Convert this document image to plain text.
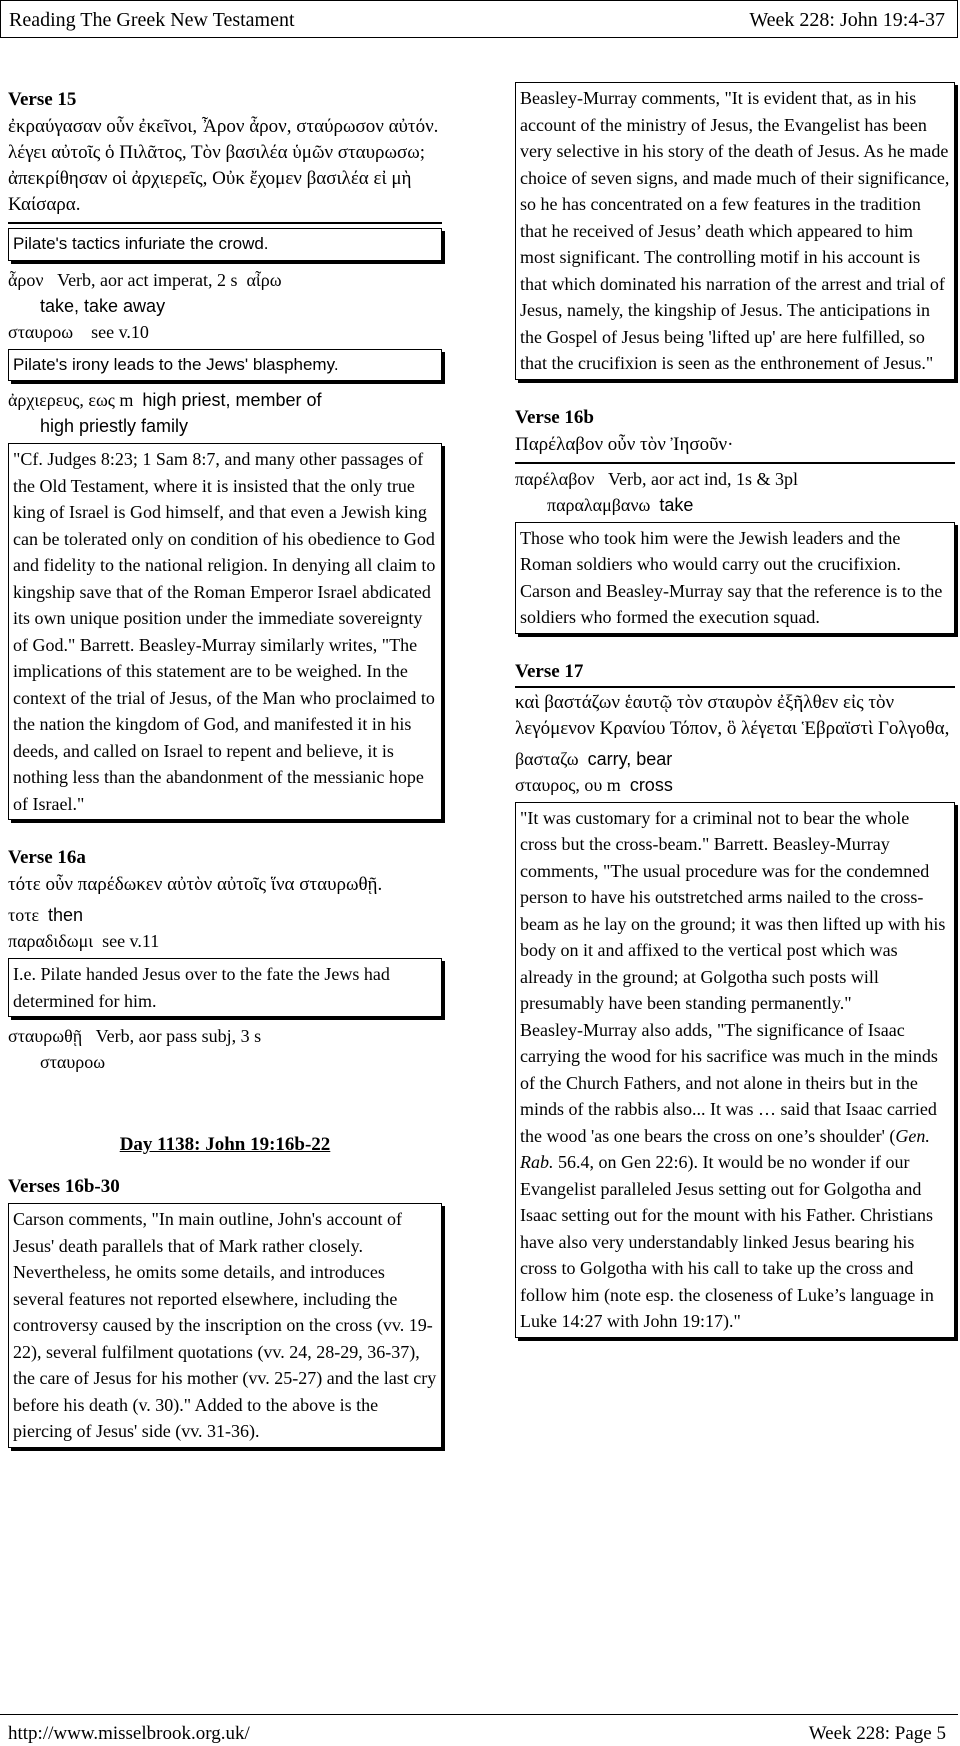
Reading The Greek New Testament	Week 228: John 19:4-37

Verse 15

ἐκραύγασαν οὖν ἐκεῖνοι, Ἆρον ἆρον, σταύρωσον αὐτόν. λέγει αὐτοῖς ὁ Πιλᾶτος, Τὸν βασιλέα ὑμῶν σταυρωσω; ἀπεκρίθησαν οἱ ἀρχιερεῖς, Οὐκ ἔχομεν βασιλέα εἰ μὴ Καίσαρα.

Pilate's tactics infuriate the crowd.
ἆρον Verb, aor act imperat, 2 s αἶρω
take, take away
σταυροω see v.10
Pilate's irony leads to the Jews' blasphemy.
ἀρχιερευς, εως m high priest, member of
high priestly family
"Cf. Judges 8:23; 1 Sam 8:7, and many other passages of the Old Testament, where it is insisted that the only true king of Israel is God himself, and that even a Jewish king can be tolerated only on condition of his obedience to God and fidelity to the national religion. In denying all claim to kingship save that of the Roman Emperor Israel abdicated its own unique position under the immediate sovereignty of God." Barrett. Beasley-Murray similarly writes, "The implications of this statement are to be weighed. In the context of the trial of Jesus, of the Man who proclaimed to the nation the kingdom of God, and manifested it in his deeds, and called on Israel to repent and believe, it is nothing less than the abandonment of the messianic hope of Israel."

Verse 16a

τότε οὖν παρέδωκεν αὐτὸν αὐτοῖς ἵνα σταυρωθῇ.

τοτε then
παραδιδωμι see v.11
I.e. Pilate handed Jesus over to the fate the Jews had determined for him.
σταυρωθῇ Verb, aor pass subj, 3 s
σταυροω

Day 1138: John 19:16b-22

Verses 16b-30

Carson comments, "In main outline, John's account of Jesus' death parallels that of Mark rather closely. Nevertheless, he omits some details, and introduces several features not reported elsewhere, including the controversy caused by the inscription on the cross (vv. 19-22), several fulfilment quotations (vv. 24, 28-29, 36-37), the care of Jesus for his mother (vv. 25-27) and the last cry before his death (v. 30)." Added to the above is the piercing of Jesus' side (vv. 31-36).
Beasley-Murray comments, "It is evident that, as in his account of the ministry of Jesus, the Evangelist has been very selective in his story of the death of Jesus. As he made choice of seven signs, and made much of their significance, so he has concentrated on a few features in the tradition that he received of Jesus’ death which appeared to him most significant. The controlling motif in his account is that which dominated his narration of the arrest and trial of Jesus, namely, the kingship of Jesus. The anticipations in the Gospel of Jesus being 'lifted up' are here fulfilled, so that the crucifixion is seen as the enthronement of Jesus."

Verse 16b

Παρέλαβον οὖν τὸν Ἰησοῦν·

παρέλαβον Verb, aor act ind, 1s & 3pl
παραλαμβανω take
Those who took him were the Jewish leaders and the Roman soldiers who would carry out the crucifixion. Carson and Beasley-Murray say that the reference is to the soldiers who formed the execution squad.

Verse 17

καὶ βαστάζων ἑαυτῷ τὸν σταυρὸν ἐξῆλθεν εἰς τὸν λεγόμενον Κρανίου Τόπον, ὃ λέγεται Ἑβραϊστὶ Γολγοθα,

βασταζω carry, bear
σταυρος, ου m cross
"It was customary for a criminal not to bear the whole cross but the cross-beam." Barrett. Beasley-Murray comments, "The usual procedure was for the condemned person to have his outstretched arms nailed to the cross-beam as he lay on the ground; it was then lifted up with his body on it and affixed to the vertical post which was already in the ground; at Golgotha such posts will presumably have been standing permanently."
Beasley-Murray also adds, "The significance of Isaac carrying the wood for his sacrifice was much in the minds of the Church Fathers, and not alone in theirs but in the minds of the rabbis also... It was … said that Isaac carried the wood 'as one bears the cross on one’s shoulder' (Gen. Rab. 56.4, on Gen 22:6). It would be no wonder if our Evangelist paralleled Jesus setting out for Golgotha and Isaac setting out for the mount with his Father. Christians have also very understandably linked Jesus bearing his cross to Golgotha with his call to take up the cross and follow him (note esp. the closeness of Luke’s language in Luke 14:27 with John 19:17)."
http://www.misselbrook.org.uk/	Week 228: Page 5
